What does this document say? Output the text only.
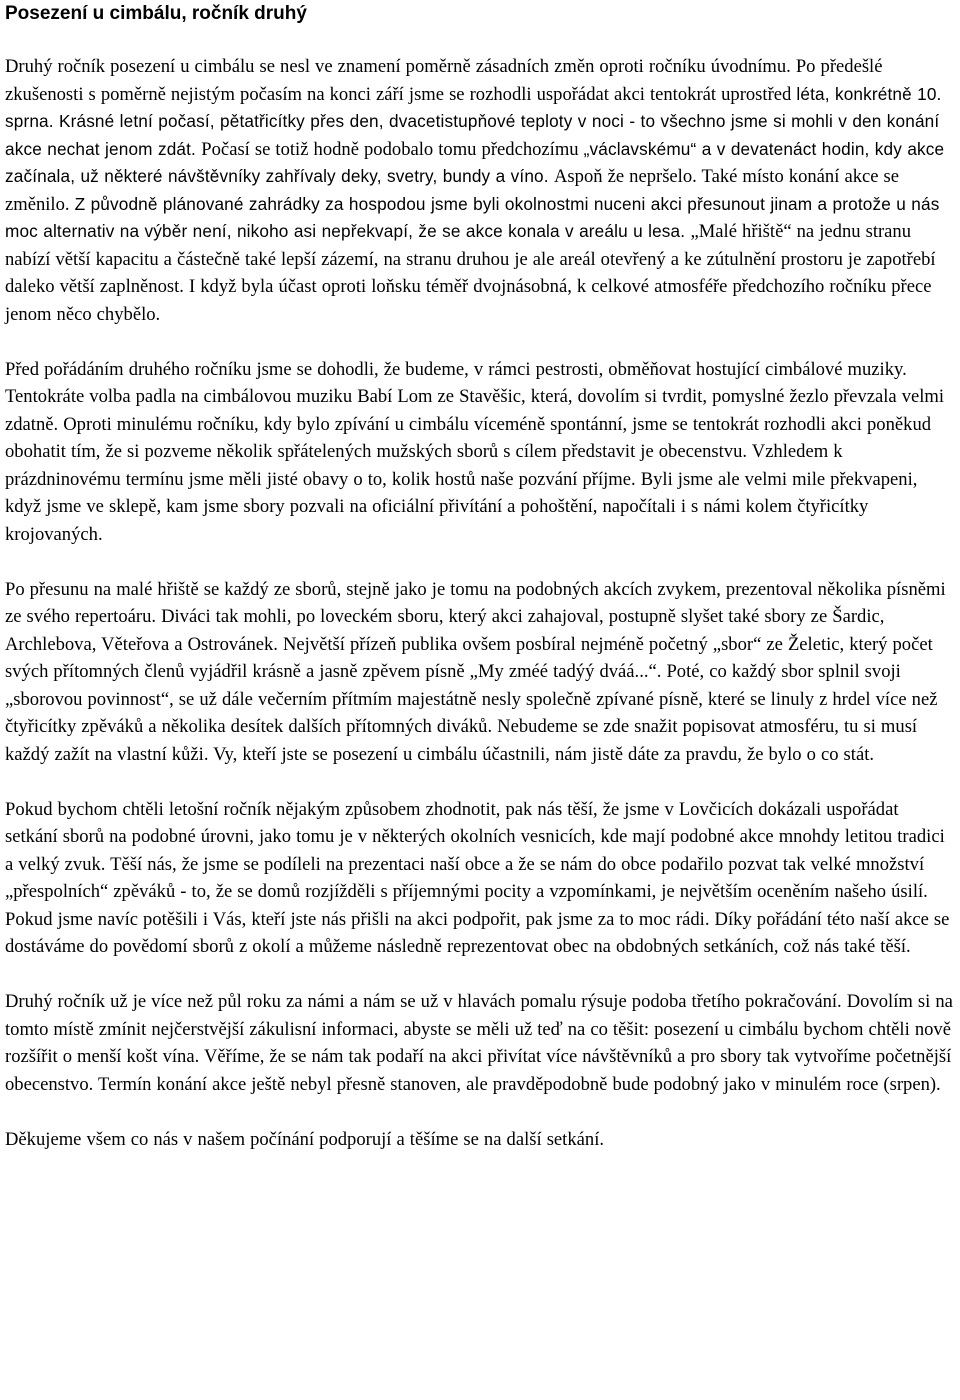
Posezení u cimbálu, ročník druhý

Druhý ročník posezení u cimbálu se nesl ve znamení poměrně zásadních změn oproti ročníku úvodnímu. Po předešlé zkušenosti s poměrně nejistým počasím na konci září jsme se rozhodli uspořádat akci tentokrát uprostřed léta, konkrétně 10. sprna. Krásné letní počasí, pětatřicítky přes den, dvacetistupňové teploty v noci - to všechno jsme si mohli v den konání akce nechat jenom zdát. Počasí se totiž hodně podobalo tomu předchozímu „václavskému“ a v devatenáct hodin, kdy akce začínala, už některé návštěvníky zahřívaly deky, svetry, bundy a víno. Aspoň že nepršelo. Také místo konání akce se změnilo. Z původně plánované zahrádky za hospodou jsme byli okolnostmi nuceni akci přesunout jinam a protože u nás moc alternativ na výběr není, nikoho asi nepřekvapí, že se akce konala v areálu u lesa. „Malé hřiště“ na jednu stranu nabízí větší kapacitu a částečně také lepší zázemí, na stranu druhou je ale areál otevřený a ke zútulnění prostoru je zapotřebí daleko větší zaplněnost. I když byla účast oproti loňsku téměř dvojnásobná, k celkové atmosféře předchozího ročníku přece jenom něco chybělo.

Před pořádáním druhého ročníku jsme se dohodli, že budeme, v rámci pestrosti, obměňovat hostující cimbálové muziky. Tentokráte volba padla na cimbálovou muziku Babí Lom ze Stavěšic, která, dovolím si tvrdit, pomyslné žezlo převzala velmi zdatně. Oproti minulému ročníku, kdy bylo zpívání u cimbálu víceméně spontánní, jsme se tentokrát rozhodli akci poněkud obohatit tím, že si pozveme několik spřátelených mužských sborů s cílem představit je obecenstvu. Vzhledem k prázdninovému termínu jsme měli jisté obavy o to, kolik hostů naše pozvání příjme. Byli jsme ale velmi mile překvapeni, když jsme ve sklepě, kam jsme sbory pozvali na oficiální přivítání a pohoštění, napočítali i s námi kolem čtyřicítky krojovaných.

Po přesunu na malé hřiště se každý ze sborů, stejně jako je tomu na podobných akcích zvykem, prezentoval několika písněmi ze svého repertoáru. Diváci tak mohli, po loveckém sboru, který akci zahajoval, postupně slyšet také sbory ze Šardic, Archlebova, Věteřova a Ostrovánek. Největší přízeň publika ovšem posbíral nejméně početný „sbor“ ze Želetic, který počet svých přítomných členů vyjádřil krásně a jasně zpěvem písně „My zméé tadýý dváá...“. Poté, co každý sbor splnil svoji „sborovou povinnost“, se už dále večerním přítmím majestátně nesly společně zpívané písně, které se linuly z hrdel více než čtyřicítky zpěváků a několika desítek dalších přítomných diváků. Nebudeme se zde snažit popisovat atmosféru, tu si musí každý zažít na vlastní kůži. Vy, kteří jste se posezení u cimbálu účastnili, nám jistě dáte za pravdu, že bylo o co stát.

Pokud bychom chtěli letošní ročník nějakým způsobem zhodnotit, pak nás těší, že jsme v Lovčicích dokázali uspořádat setkání sborů na podobné úrovni, jako tomu je v některých okolních vesnicích, kde mají podobné akce mnohdy letitou tradici a velký zvuk. Těší nás, že jsme se podíleli na prezentaci naší obce a že se nám do obce podařilo pozvat tak velké množství „přespolních“ zpěváků - to, že se domů rozjížděli s příjemnými pocity a vzpomínkami, je největším oceněním našeho úsilí. Pokud jsme navíc potěšili i Vás, kteří jste nás přišli na akci podpořit, pak jsme za to moc rádi. Díky pořádání této naší akce se dostáváme do povědomí sborů z okolí a můžeme následně reprezentovat obec na obdobných setkáních, což nás také těší.

Druhý ročník už je více než půl roku za námi a nám se už v hlavách pomalu rýsuje podoba třetího pokračování. Dovolím si na tomto místě zmínit nejčerstvější zákulisní informaci, abyste se měli už teď na co těšit: posezení u cimbálu bychom chtěli nově rozšířit o menší košt vína. Věříme, že se nám tak podaří na akci přivítat více návštěvníků a pro sbory tak vytvoříme početnější obecenstvo. Termín konání akce ještě nebyl přesně stanoven, ale pravděpodobně bude podobný jako v minulém roce (srpen).

Děkujeme všem co nás v našem počínání podporují a těšíme se na další setkání.
